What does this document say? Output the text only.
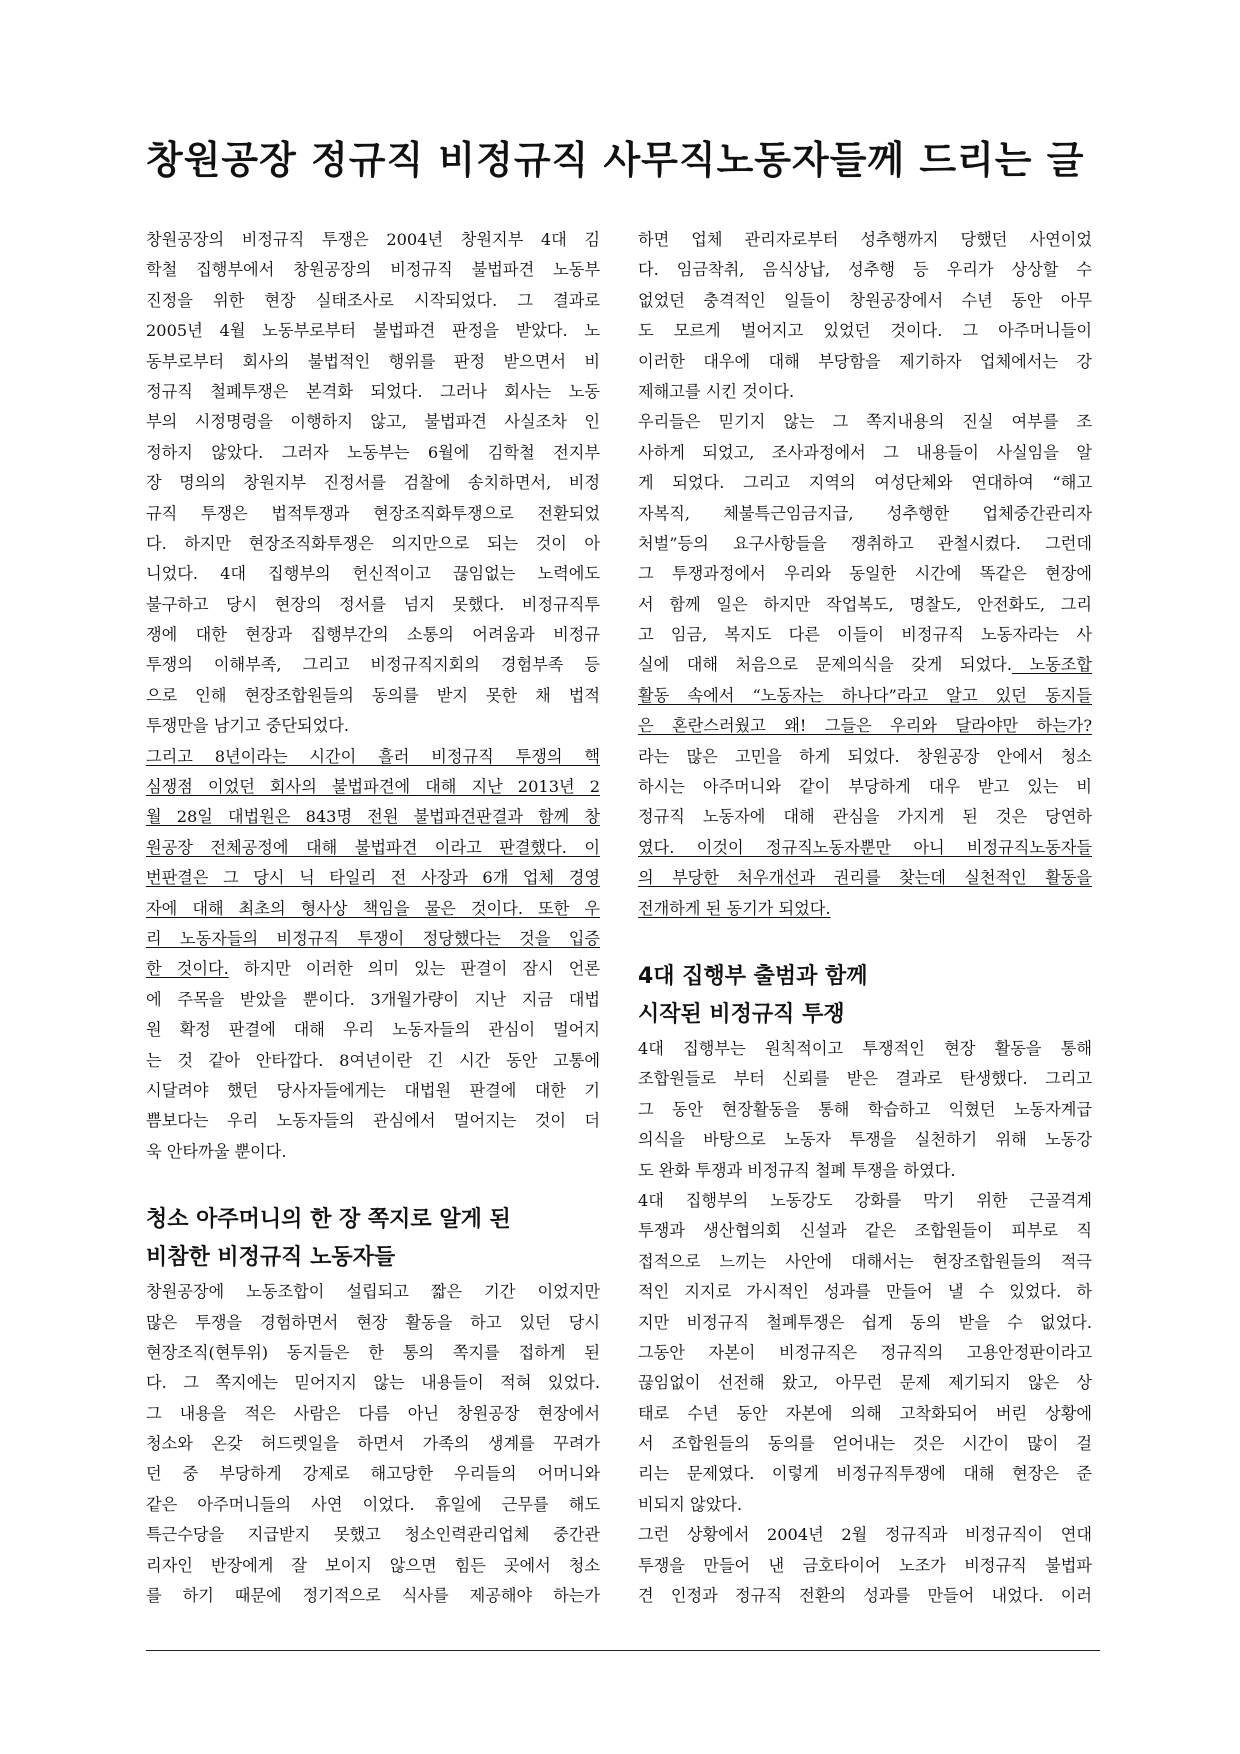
창원공장 정규직 비정규직 사무직노동자들께 드리는 글
창원공장의 비정규직 투쟁은 2004년 창원지부 4대 김
학철 집행부에서 창원공장의 비정규직 불법파견 노동부
진정을 위한 현장 실태조사로 시작되었다. 그 결과로
2005년 4월 노동부로부터 불법파견 판정을 받았다. 노
동부로부터 회사의 불법적인 행위를 판정 받으면서 비
정규직 철폐투쟁은 본격화 되었다. 그러나 회사는 노동
부의 시정명령을 이행하지 않고, 불법파견 사실조차 인
정하지 않았다. 그러자 노동부는 6월에 김학철 전지부
장 명의의 창원지부 진정서를 검찰에 송치하면서, 비정
규직 투쟁은 법적투쟁과 현장조직화투쟁으로 전환되었
다. 하지만 현장조직화투쟁은 의지만으로 되는 것이 아
니었다. 4대 집행부의 헌신적이고 끊임없는 노력에도
불구하고 당시 현장의 정서를 넘지 못했다. 비정규직투
쟁에 대한 현장과 집행부간의 소통의 어려움과 비정규
투쟁의 이해부족, 그리고 비정규직지회의 경험부족 등
으로 인해 현장조합원들의 동의를 받지 못한 채 법적
투쟁만을 남기고 중단되었다.
그리고 8년이라는 시간이 흘러 비정규직 투쟁의 핵
심쟁점 이었던 회사의 불법파견에 대해 지난 2013년 2
월 28일 대법원은 843명 전원 불법파견판결과 함께 창
원공장 전체공정에 대해 불법파견 이라고 판결했다. 이
번판결은 그 당시 닉 타일리 전 사장과 6개 업체 경영
자에 대해 최초의 형사상 책임을 물은 것이다. 또한 우
리 노동자들의 비정규직 투쟁이 정당했다는 것을 입증
한 것이다. 하지만 이러한 의미 있는 판결이 잠시 언론
에 주목을 받았을 뿐이다. 3개월가량이 지난 지금 대법
원 확정 판결에 대해 우리 노동자들의 관심이 멀어지
는 것 같아 안타깝다. 8여년이란 긴 시간 동안 고통에
시달려야 했던 당사자들에게는 대법원 판결에 대한 기
쁨보다는 우리 노동자들의 관심에서 멀어지는 것이 더
욱 안타까울 뿐이다.
청소 아주머니의 한 장 쪽지로 알게 된
비참한 비정규직 노동자들
창원공장에 노동조합이 설립되고 짧은 기간 이었지만
많은 투쟁을 경험하면서 현장 활동을 하고 있던 당시
현장조직(현투위) 동지들은 한 통의 쪽지를 접하게 된
다. 그 쪽지에는 믿어지지 않는 내용들이 적혀 있었다.
그 내용을 적은 사람은 다름 아닌 창원공장 현장에서
청소와 온갖 허드렛일을 하면서 가족의 생계를 꾸려가
던 중 부당하게 강제로 해고당한 우리들의 어머니와
같은 아주머니들의 사연 이었다. 휴일에 근무를 해도
특근수당을 지급받지 못했고 청소인력관리업체 중간관
리자인 반장에게 잘 보이지 않으면 힘든 곳에서 청소
를 하기 때문에 정기적으로 식사를 제공해야 하는가
하면 업체 관리자로부터 성추행까지 당했던 사연이었
다. 임금착취, 음식상납, 성추행 등 우리가 상상할 수
없었던 충격적인 일들이 창원공장에서 수년 동안 아무
도 모르게 벌어지고 있었던 것이다. 그 아주머니들이
이러한 대우에 대해 부당함을 제기하자 업체에서는 강
제해고를 시킨 것이다.
우리들은 믿기지 않는 그 쪽지내용의 진실 여부를 조
사하게 되었고, 조사과정에서 그 내용들이 사실임을 알
게 되었다. 그리고 지역의 여성단체와 연대하여 “해고
자복직, 체불특근임금지급, 성추행한 업체중간관리자
처벌”등의 요구사항들을 쟁취하고 관철시켰다. 그런데
그 투쟁과정에서 우리와 동일한 시간에 똑같은 현장에
서 함께 일은 하지만 작업복도, 명찰도, 안전화도, 그리
고 임금, 복지도 다른 이들이 비정규직 노동자라는 사
실에 대해 처음으로 문제의식을 갖게 되었다. 노동조합
활동 속에서 “노동자는 하나다”라고 알고 있던 동지들
은 혼란스러웠고 왜! 그들은 우리와 달라야만 하는가?
라는 많은 고민을 하게 되었다. 창원공장 안에서 청소
하시는 아주머니와 같이 부당하게 대우 받고 있는 비
정규직 노동자에 대해 관심을 가지게 된 것은 당연하
였다. 이것이 정규직노동자뿐만 아니 비정규직노동자들
의 부당한 처우개선과 권리를 찾는데 실천적인 활동을
전개하게 된 동기가 되었다.
4대 집행부 출범과 함께
시작된 비정규직 투쟁
4대 집행부는 원칙적이고 투쟁적인 현장 활동을 통해
조합원들로 부터 신뢰를 받은 결과로 탄생했다. 그리고
그 동안 현장활동을 통해 학습하고 익혔던 노동자계급
의식을 바탕으로 노동자 투쟁을 실천하기 위해 노동강
도 완화 투쟁과 비정규직 철폐 투쟁을 하였다.
4대 집행부의 노동강도 강화를 막기 위한 근골격계
투쟁과 생산협의회 신설과 같은 조합원들이 피부로 직
접적으로 느끼는 사안에 대해서는 현장조합원들의 적극
적인 지지로 가시적인 성과를 만들어 낼 수 있었다. 하
지만 비정규직 철폐투쟁은 쉽게 동의 받을 수 없었다.
그동안 자본이 비정규직은 정규직의 고용안정판이라고
끊임없이 선전해 왔고, 아무런 문제 제기되지 않은 상
태로 수년 동안 자본에 의해 고착화되어 버린 상황에
서 조합원들의 동의를 얻어내는 것은 시간이 많이 걸
리는 문제였다. 이렇게 비정규직투쟁에 대해 현장은 준
비되지 않았다.
그런 상황에서 2004년 2월 정규직과 비정규직이 연대
투쟁을 만들어 낸 금호타이어 노조가 비정규직 불법파
견 인정과 정규직 전환의 성과를 만들어 내었다. 이러
